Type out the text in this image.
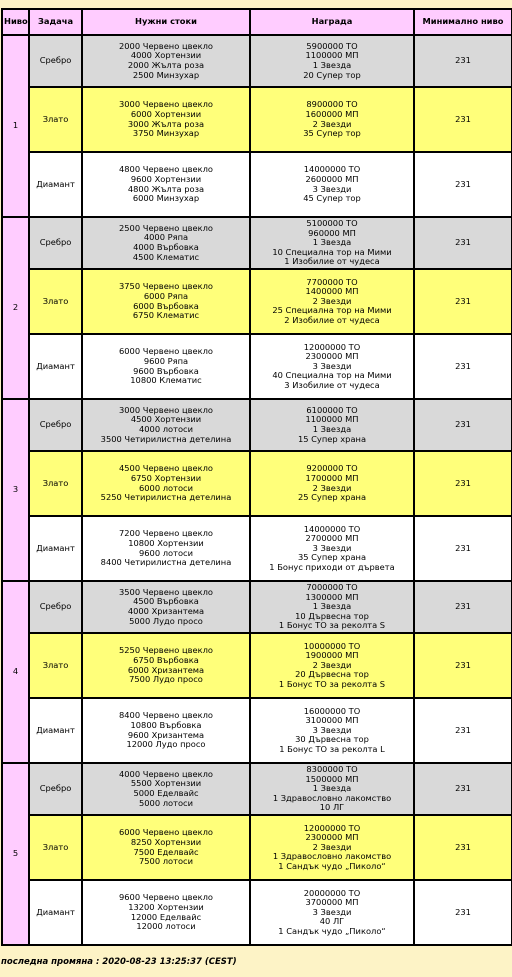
Ниво	Задача	Нужни стоки	Награда	Минимално ниво
1	Сребро	2000 Червено цвекло
4000 Хортензии
2000 Жълта роза
2500 Минзухар	5900000 TO
1100000 МП
1 Звезда
20 Супер тор	231
	Злато	3000 Червено цвекло
6000 Хортензии
3000 Жълта роза
3750 Минзухар	8900000 TO
1600000 МП
2 Звезди
35 Супер тор	231
	Диамант	4800 Червено цвекло
9600 Хортензии
4800 Жълта роза
6000 Минзухар	14000000 TO
2600000 МП
3 Звезди
45 Супер тор	231
2	Сребро	2500 Червено цвекло
4000 Ряпа
4000 Върбовка
4500 Клематис	5100000 TO
960000 МП
1 Звезда
10 Специална тор на Мими
1 Изобилие от чудеса	231
	Злато	3750 Червено цвекло
6000 Ряпа
6000 Върбовка
6750 Клематис	7700000 TO
1400000 МП
2 Звезди
25 Специална тор на Мими
2 Изобилие от чудеса	231
	Диамант	6000 Червено цвекло
9600 Ряпа
9600 Върбовка
10800 Клематис	12000000 TO
2300000 МП
3 Звезди
40 Специална тор на Мими
3 Изобилие от чудеса	231
3	Сребро	3000 Червено цвекло
4500 Хортензии
4000 лотоси
3500 Четирилистна детелина	6100000 TO
1100000 МП
1 Звезда
15 Супер храна	231
	Злато	4500 Червено цвекло
6750 Хортензии
6000 лотоси
5250 Четирилистна детелина	9200000 TO
1700000 МП
2 Звезди
25 Супер храна	231
	Диамант	7200 Червено цвекло
10800 Хортензии
9600 лотоси
8400 Четирилистна детелина	14000000 TO
2700000 МП
3 Звезди
35 Супер храна
1 Бонус приходи от дървета	231
4	Сребро	3500 Червено цвекло
4500 Върбовка
4000 Хризантема
5000 Лудо просо	7000000 TO
1300000 МП
1 Звезда
10 Дървесна тор
1 Бонус TO за реколта S	231
	Злато	5250 Червено цвекло
6750 Върбовка
6000 Хризантема
7500 Лудо просо	10000000 TO
1900000 МП
2 Звезди
20 Дървесна тор
1 Бонус TO за реколта S	231
	Диамант	8400 Червено цвекло
10800 Върбовка
9600 Хризантема
12000 Лудо просо	16000000 TO
3100000 МП
3 Звезди
30 Дървесна тор
1 Бонус TO за реколта L	231
5	Сребро	4000 Червено цвекло
5500 Хортензии
5000 Еделвайс
5000 лотоси	8300000 TO
1500000 МП
1 Звезда
1 Здравословно лакомство
10 ЛГ	231
	Злато	6000 Червено цвекло
8250 Хортензии
7500 Еделвайс
7500 лотоси	12000000 TO
2300000 МП
2 Звезди
1 Здравословно лакомство
1 Сандък чудо „Пиколо“	231
	Диамант	9600 Червено цвекло
13200 Хортензии
12000 Еделвайс
12000 лотоси	20000000 TO
3700000 МП
3 Звезди
40 ЛГ
1 Сандък чудо „Пиколо“	231
последна промяна : 2020-08-23 13:25:37 (CEST)
